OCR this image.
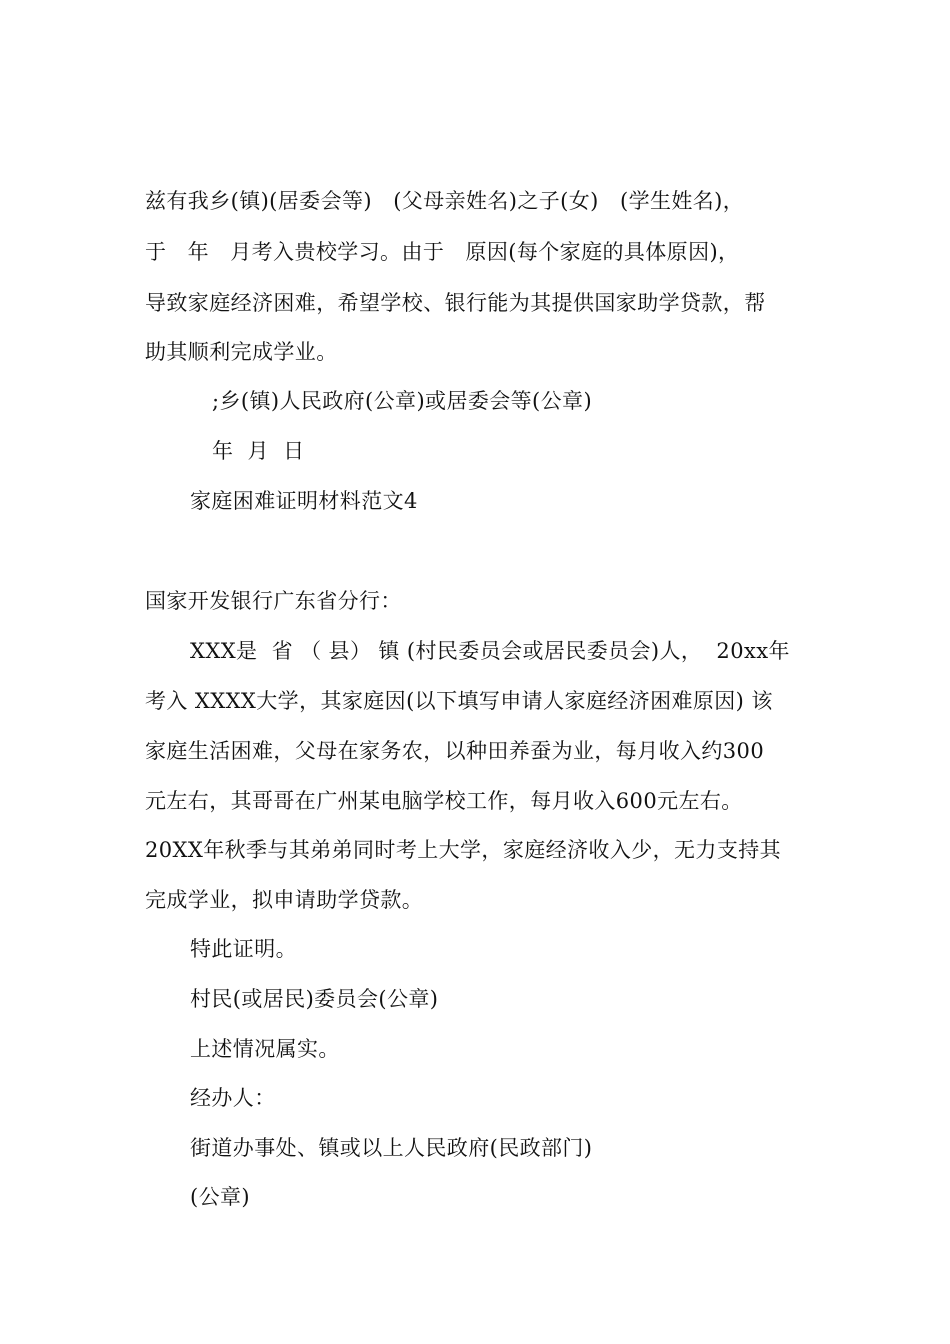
兹有我乡(镇)(居委会等)   (父母亲姓名)之子(女)   (学生姓名)，
于   年   月考入贵校学习。由于   原因(每个家庭的具体原因)，
导致家庭经济困难，希望学校、银行能为其提供国家助学贷款，帮
助其顺利完成学业。
;乡(镇)人民政府(公章)或居委会等(公章)
年  月  日
家庭困难证明材料范文4
国家开发银行广东省分行：
XXX是  省 （ 县） 镇 (村民委员会或居民委员会)人，  20xx年
考入 XXXX大学，其家庭因(以下填写申请人家庭经济困难原因) 该
家庭生活困难，父母在家务农，以种田养蚕为业，每月收入约300
元左右，其哥哥在广州某电脑学校工作，每月收入600元左右。
20XX年秋季与其弟弟同时考上大学，家庭经济收入少，无力支持其
完成学业，拟申请助学贷款。
特此证明。
村民(或居民)委员会(公章)
上述情况属实。
经办人：
街道办事处、镇或以上人民政府(民政部门)
(公章)
